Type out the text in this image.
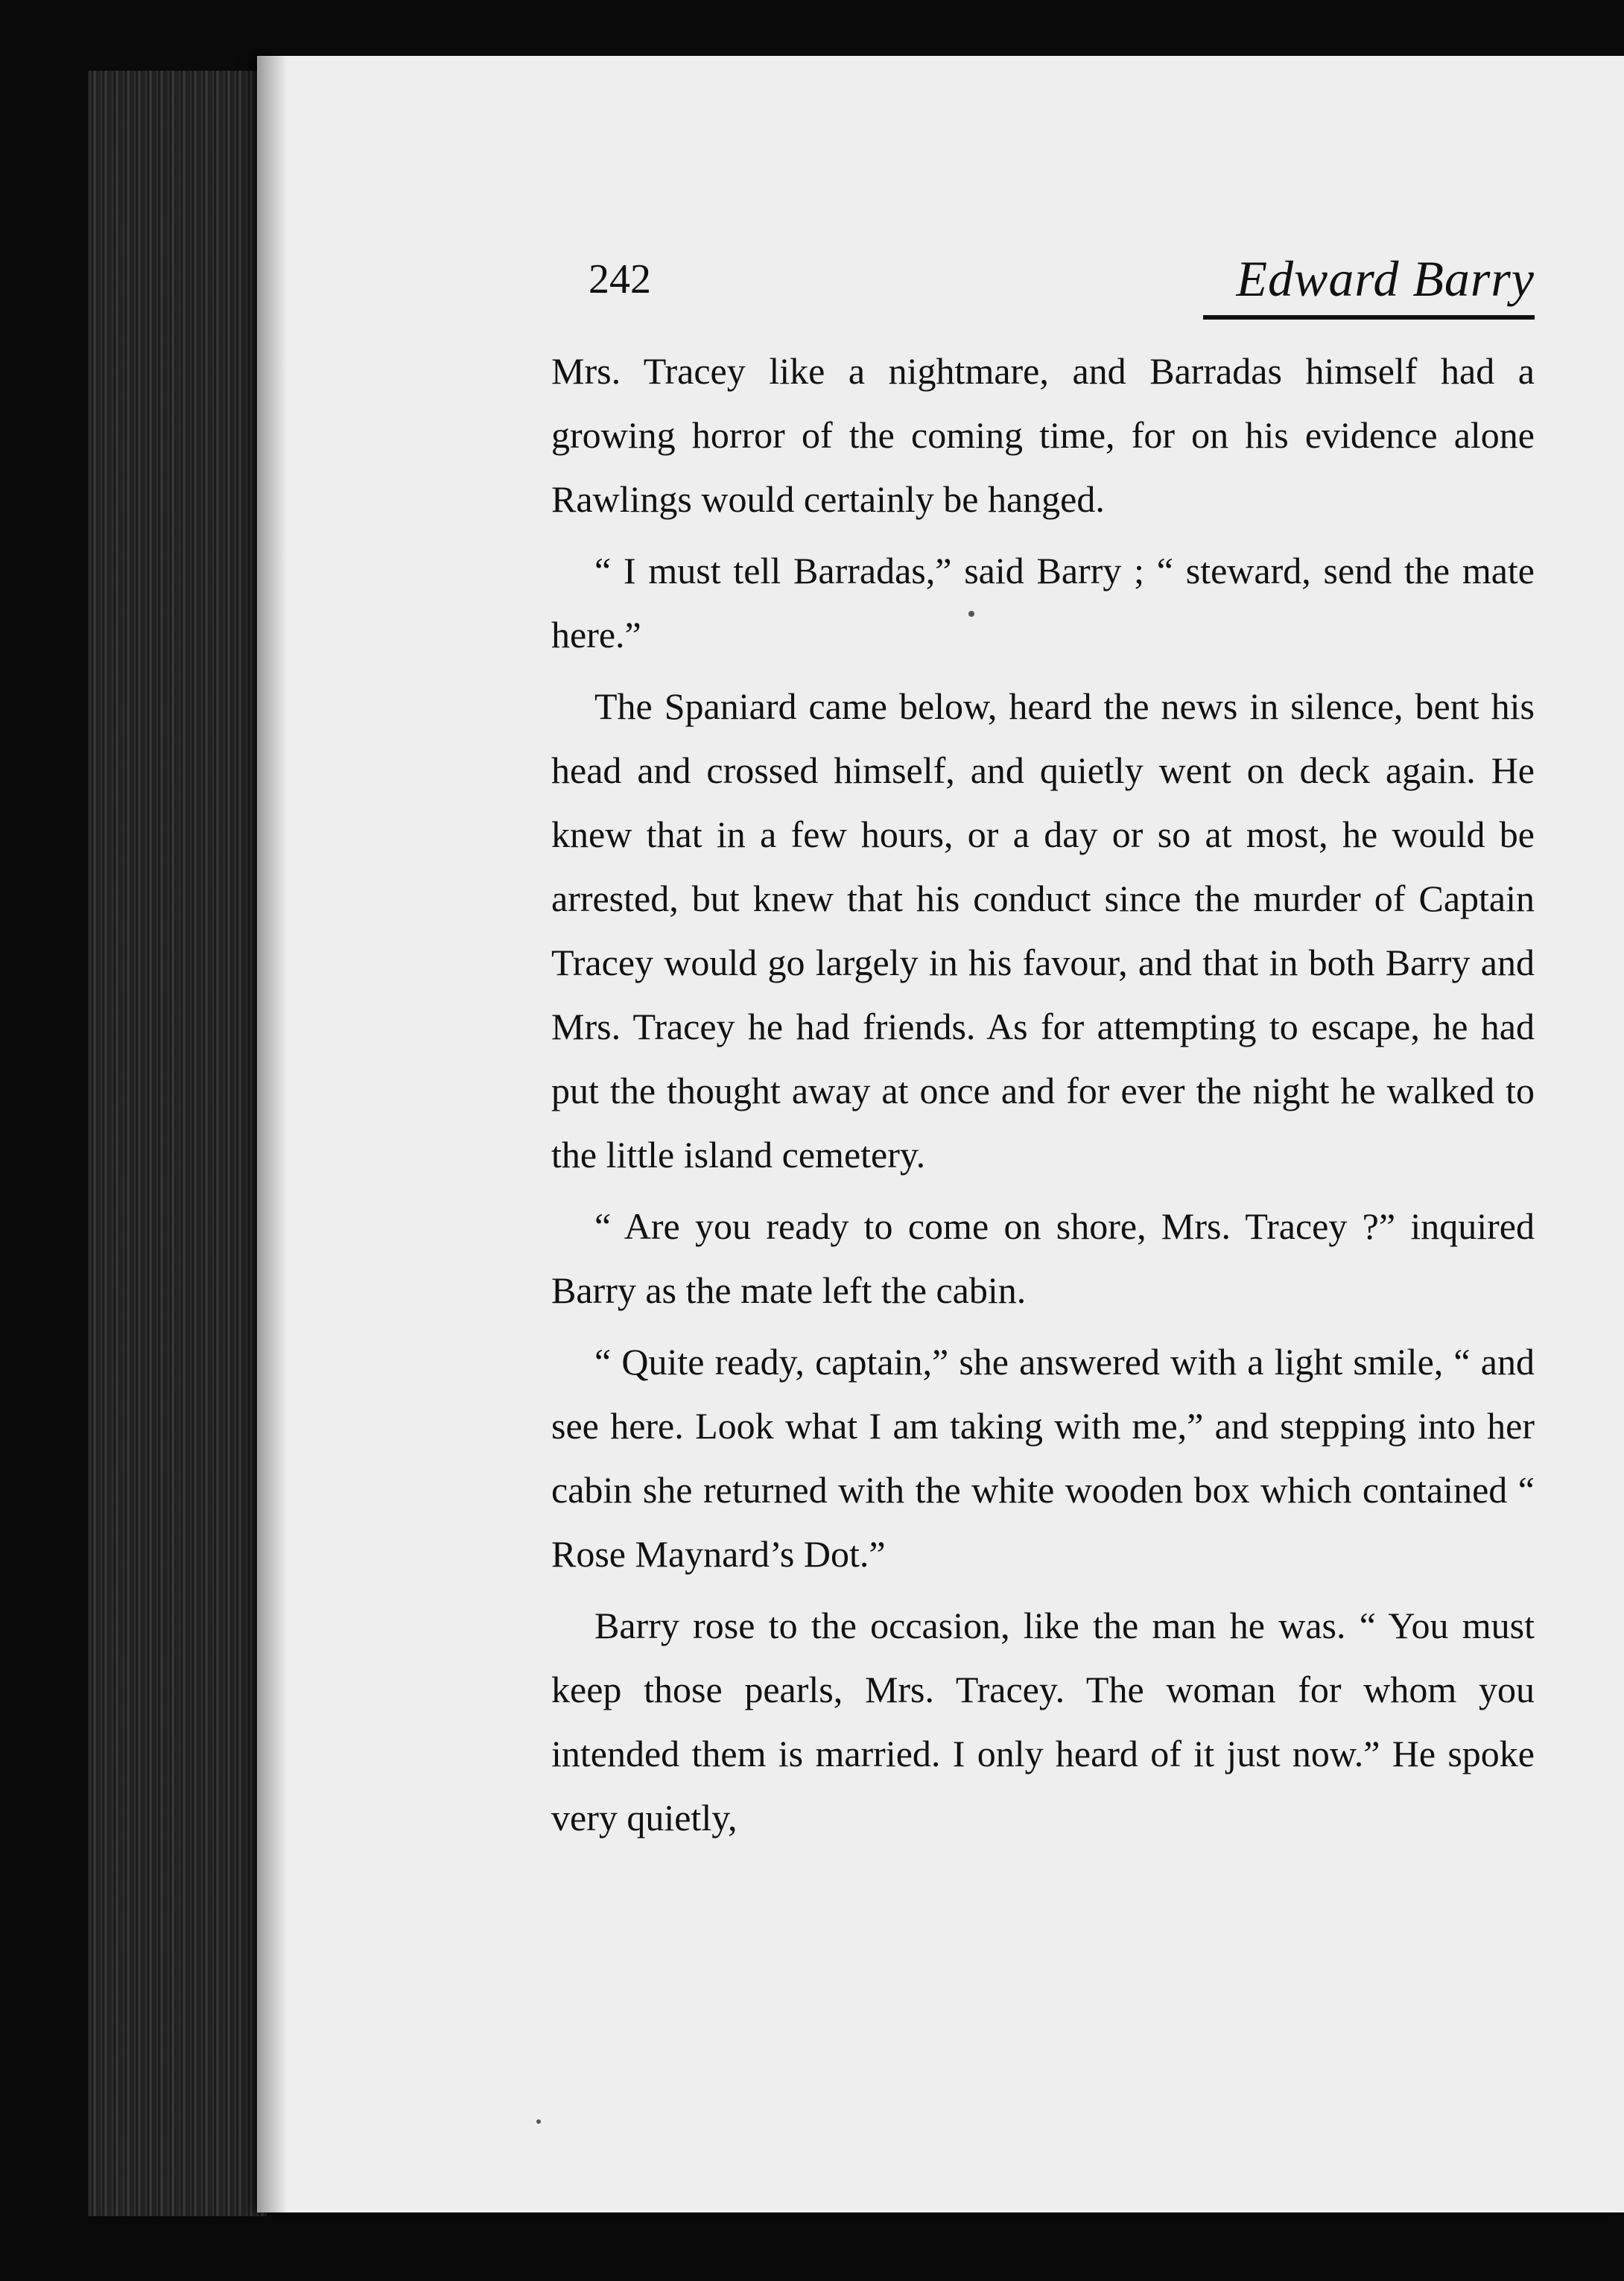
242	Edward Barry

Mrs. Tracey like a nightmare, and Barradas himself had a growing horror of the coming time, for on his evidence alone Rawlings would certainly be hanged.

“ I must tell Barradas,” said Barry ; “ steward, send the mate here.”

The Spaniard came below, heard the news in silence, bent his head and crossed himself, and quietly went on deck again. He knew that in a few hours, or a day or so at most, he would be arrested, but knew that his conduct since the murder of Captain Tracey would go largely in his favour, and that in both Barry and Mrs. Tracey he had friends. As for attempting to escape, he had put the thought away at once and for ever the night he walked to the little island cemetery.

“ Are you ready to come on shore, Mrs. Tracey ?” inquired Barry as the mate left the cabin.

“ Quite ready, captain,” she answered with a light smile, “ and see here. Look what I am taking with me,” and stepping into her cabin she returned with the white wooden box which contained “ Rose Maynard’s Dot.”

Barry rose to the occasion, like the man he was. “ You must keep those pearls, Mrs. Tracey. The woman for whom you intended them is married. I only heard of it just now.” He spoke very quietly,
